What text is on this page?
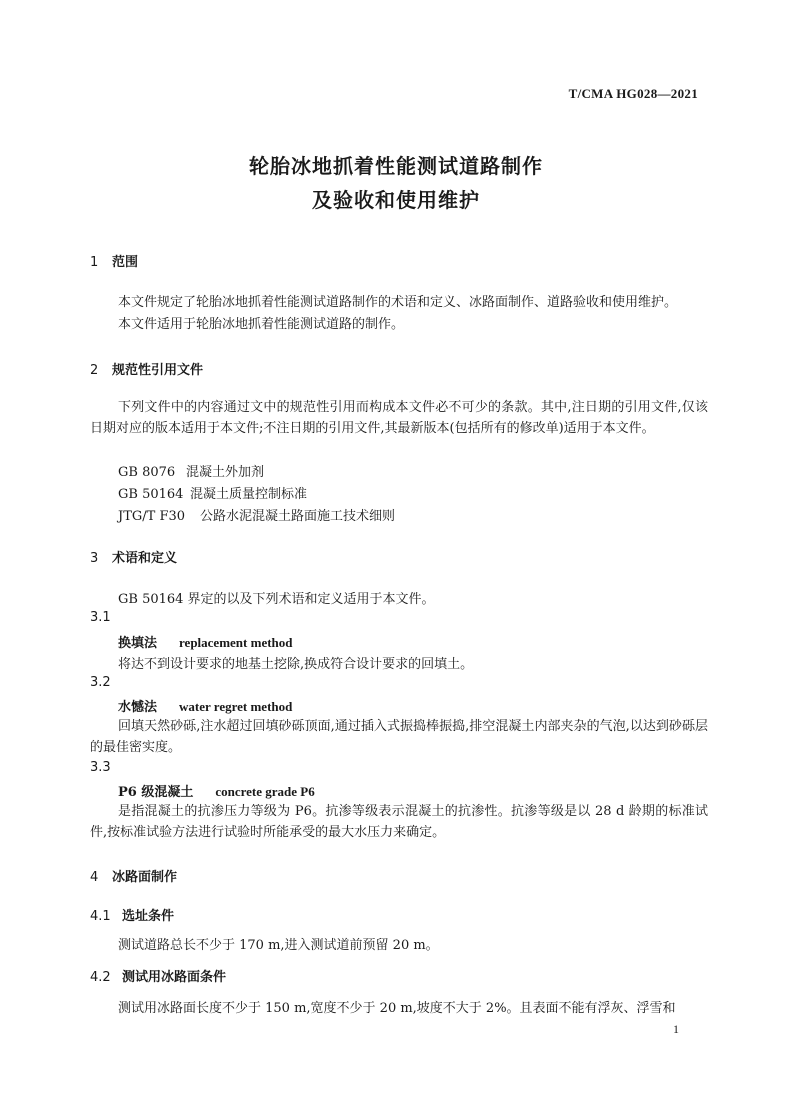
T/CMA HG028—2021
轮胎冰地抓着性能测试道路制作
及验收和使用维护
1 范围
本文件规定了轮胎冰地抓着性能测试道路制作的术语和定义、冰路面制作、道路验收和使用维护。
本文件适用于轮胎冰地抓着性能测试道路的制作。
2 规范性引用文件
下列文件中的内容通过文中的规范性引用而构成本文件必不可少的条款。其中,注日期的引用文件,仅该日期对应的版本适用于本文件;不注日期的引用文件,其最新版本(包括所有的修改单)适用于本文件。
GB 8076 混凝土外加剂
GB 50164 混凝土质量控制标准
JTG/T F30 公路水泥混凝土路面施工技术细则
3 术语和定义
GB 50164 界定的以及下列术语和定义适用于本文件。
3.1
换填法 replacement method
将达不到设计要求的地基土挖除,换成符合设计要求的回填土。
3.2
水憾法 water regret method
回填天然砂砾,注水超过回填砂砾顶面,通过插入式振捣棒振捣,排空混凝土内部夹杂的气泡,以达到砂砾层的最佳密实度。
3.3
P6 级混凝土 concrete grade P6
是指混凝土的抗渗压力等级为 P6。抗渗等级表示混凝土的抗渗性。抗渗等级是以 28 d 龄期的标准试件,按标准试验方法进行试验时所能承受的最大水压力来确定。
4 冰路面制作
4.1 选址条件
测试道路总长不少于 170 m,进入测试道前预留 20 m。
4.2 测试用冰路面条件
测试用冰路面长度不少于 150 m,宽度不少于 20 m,坡度不大于 2%。且表面不能有浮灰、浮雪和
1
